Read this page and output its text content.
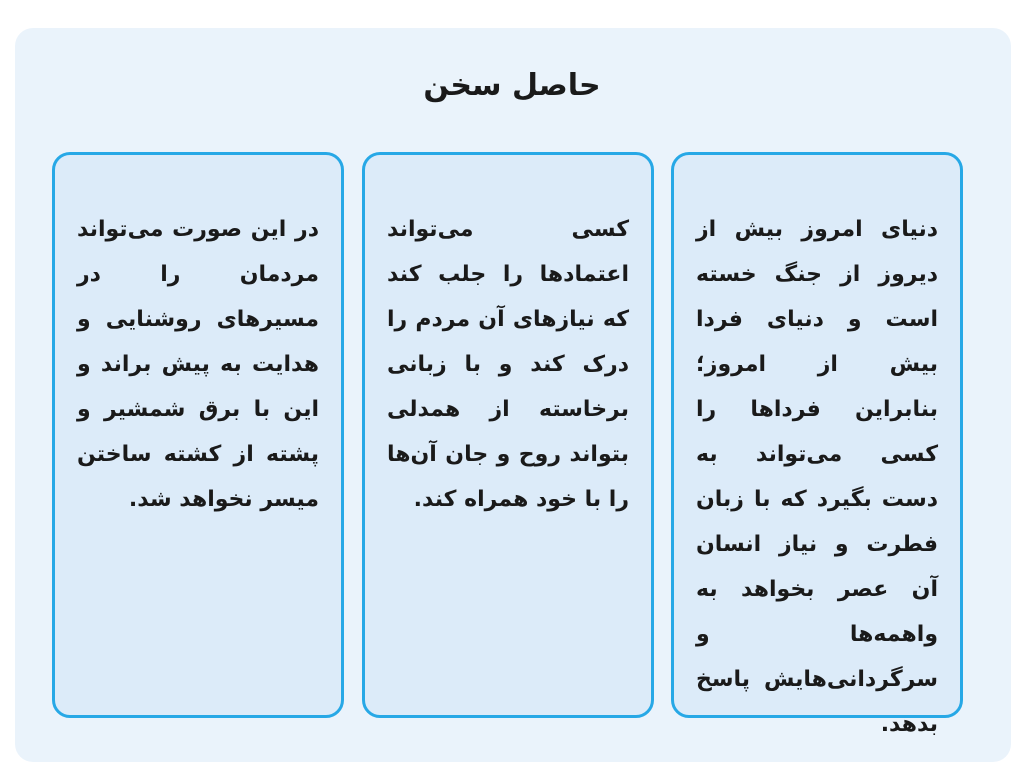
حاصل سخن
دنیای امروز بیش از دیروز از جنگ خسته است و دنیای فردا بیش از امروز؛ بنابراین فرداها را کسی می‌تواند به دست بگیرد که با زبان فطرت و نیاز انسان آن عصر بخواهد به واهمه‌ها و سرگردانی‌هایش پاسخ بدهد.
کسی می‌تواند اعتمادها را جلب کند که نیازهای آن مردم را درک کند و با زبانی برخاسته از همدلی بتواند روح و جان آن‌ها را با خود همراه کند.
در این صورت می‌تواند مردمان را در مسیرهای روشنایی و هدایت به پیش براند و این با برق شمشیر و پشته از کشته ساختن میسر نخواهد شد.
